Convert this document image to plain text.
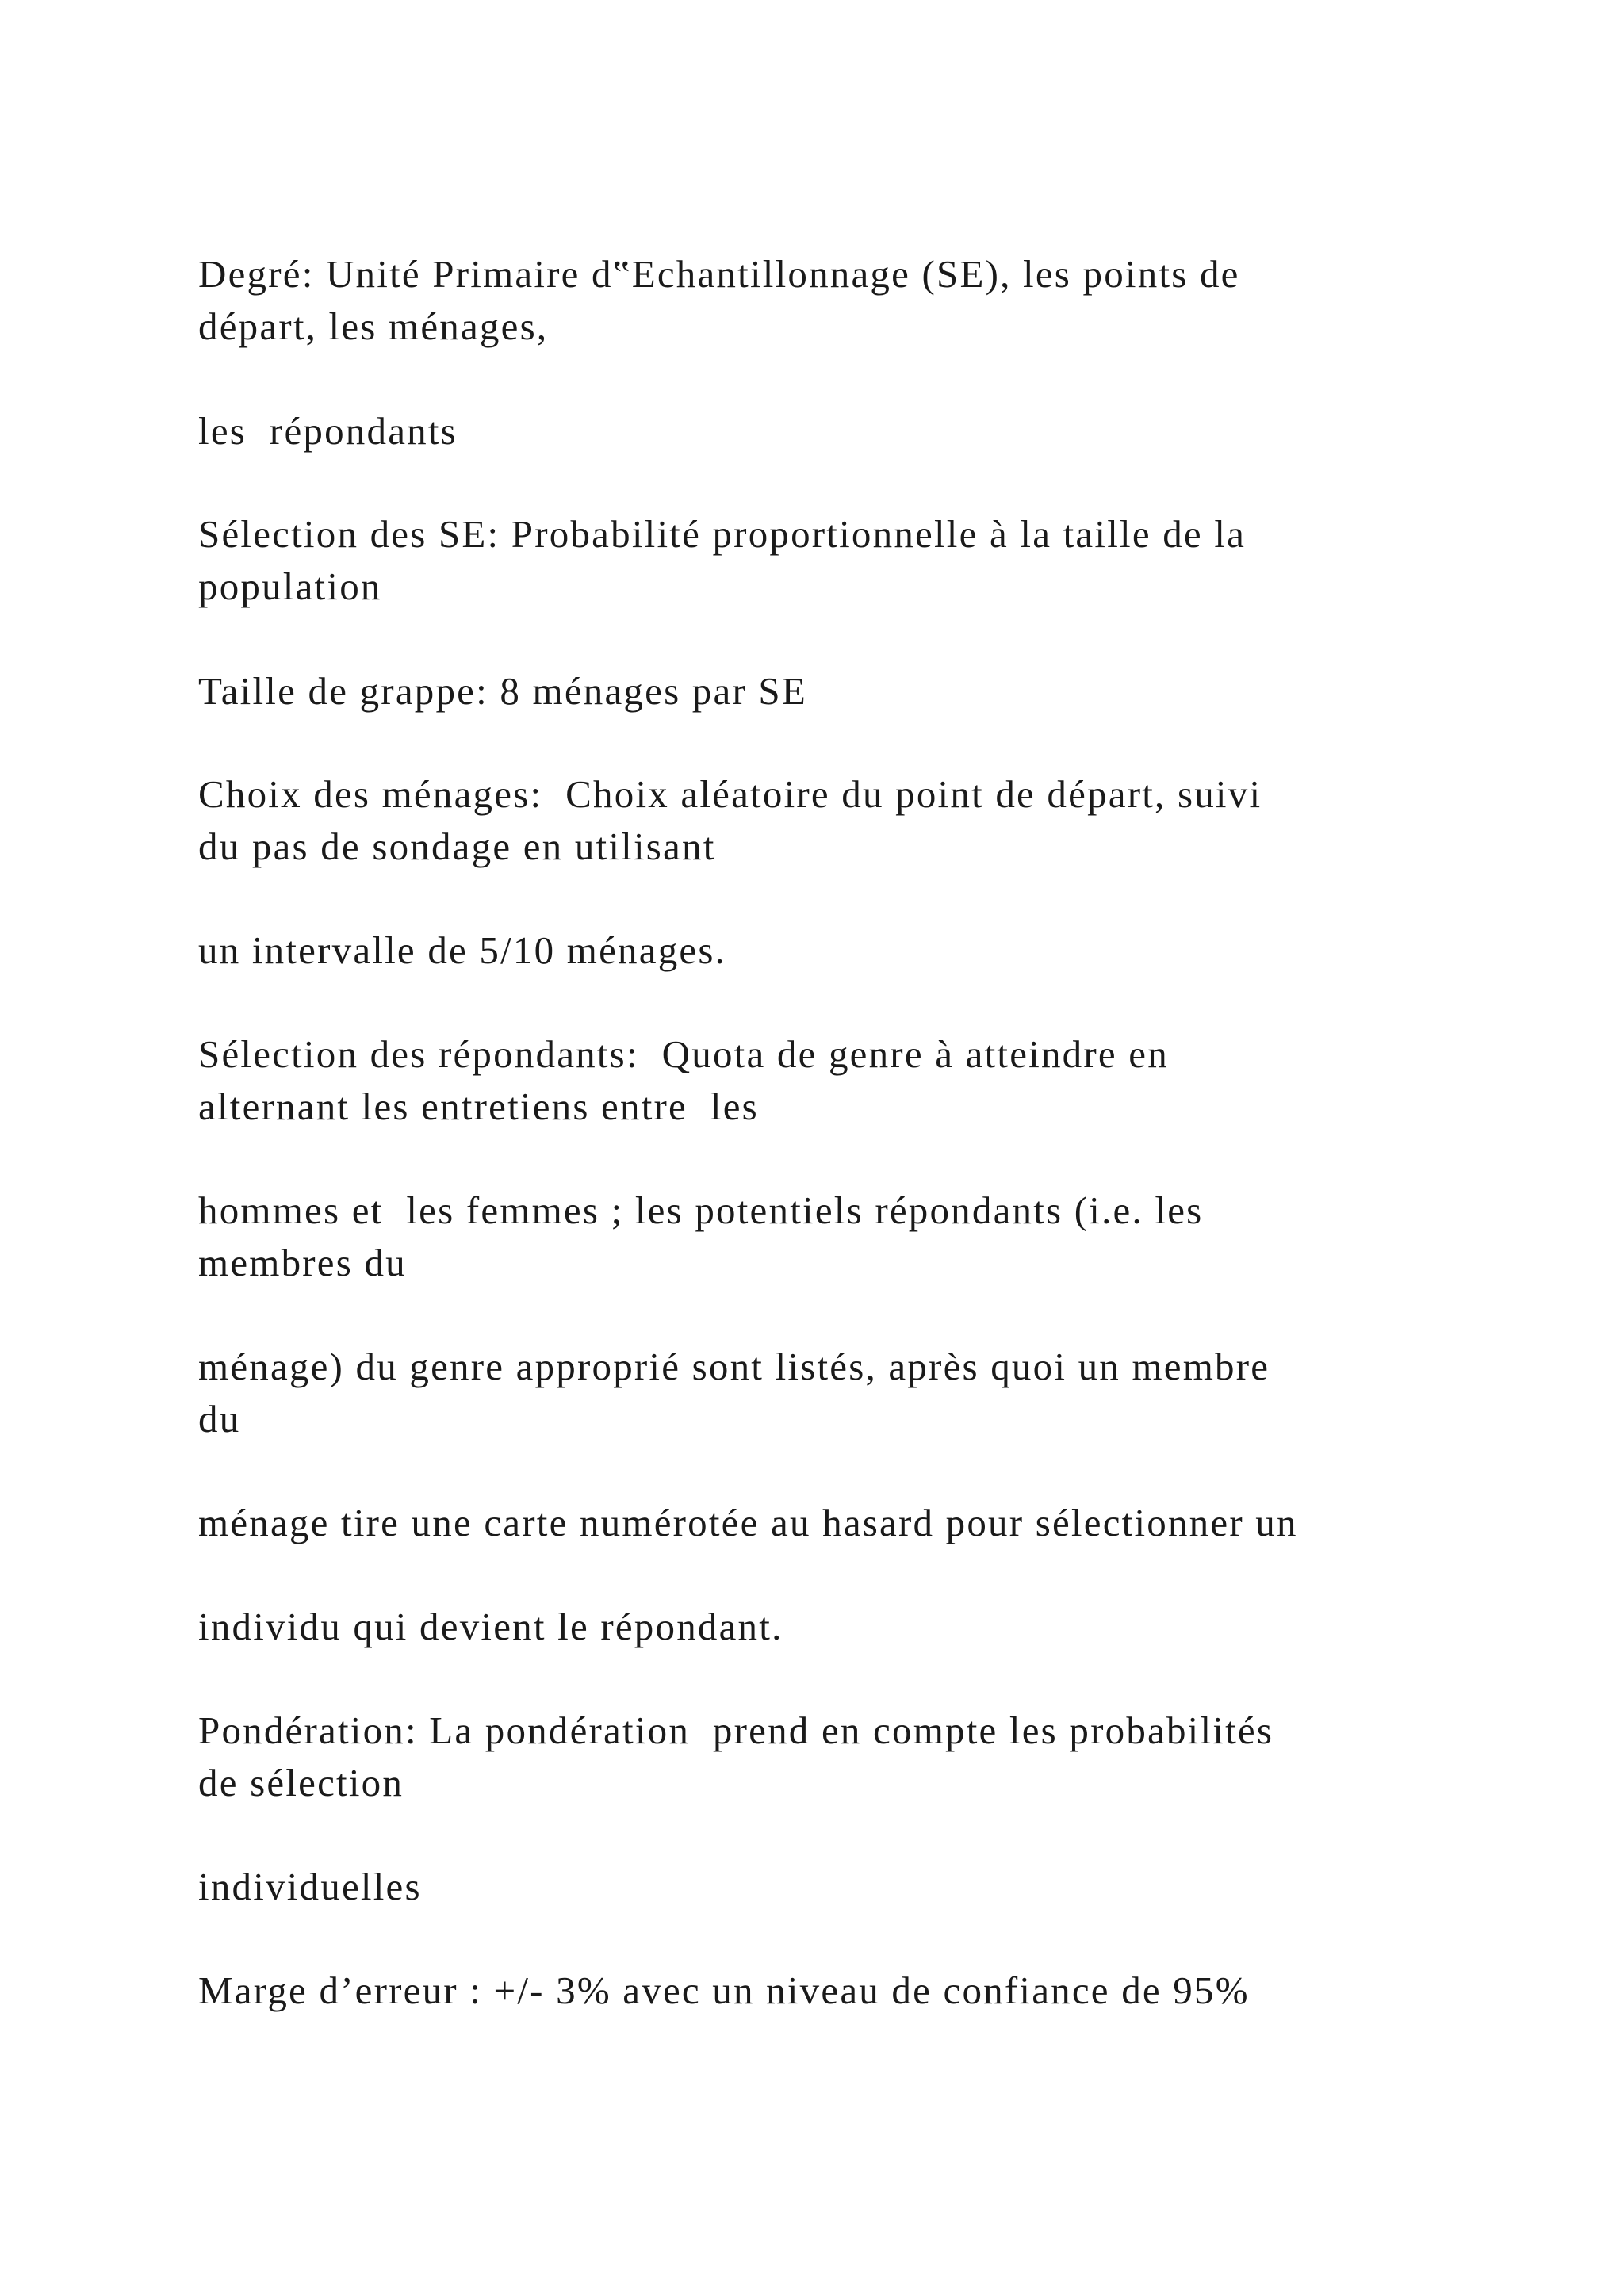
Degré: Unité Primaire d‟Echantillonnage (SE), les points de
départ, les ménages,

les  répondants

Sélection des SE: Probabilité proportionnelle à la taille de la
population

Taille de grappe: 8 ménages par SE

Choix des ménages:  Choix aléatoire du point de départ, suivi
du pas de sondage en utilisant

un intervalle de 5/10 ménages.

Sélection des répondants:  Quota de genre à atteindre en
alternant les entretiens entre  les

hommes et  les femmes ; les potentiels répondants (i.e. les
membres du

ménage) du genre approprié sont listés, après quoi un membre
du

ménage tire une carte numérotée au hasard pour sélectionner un

individu qui devient le répondant.

Pondération: La pondération  prend en compte les probabilités
de sélection

individuelles

Marge d’erreur : +/- 3% avec un niveau de confiance de 95%
